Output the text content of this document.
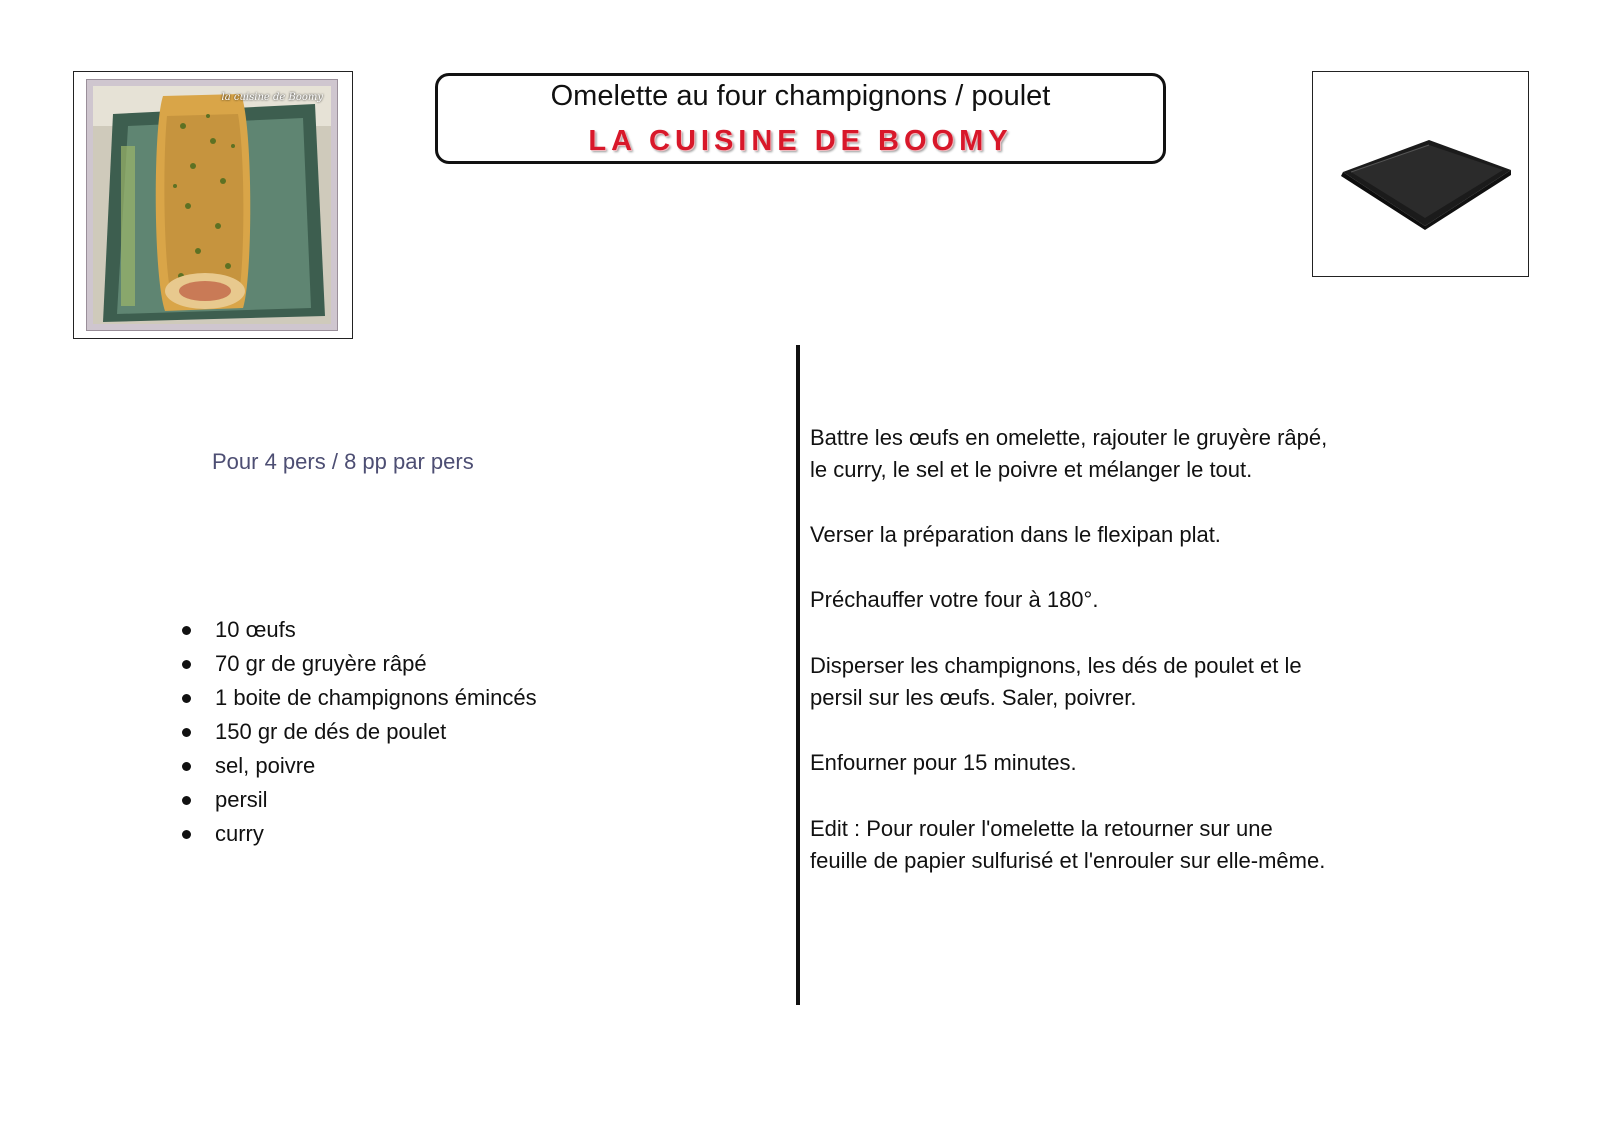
la cuisine de Boomy	Omelette au four champignons / poulet
LA CUISINE DE BOOMY
Pour 4 pers / 8 pp par pers
10 œufs
70 gr de gruyère râpé
1 boite de champignons émincés
150 gr de dés de poulet
sel, poivre
persil
curry
Battre les œufs en omelette, rajouter le gruyère râpé,
le curry, le sel et le poivre et mélanger le tout.
Verser la préparation dans le flexipan plat.
Préchauffer votre four à 180°.
Disperser les champignons, les dés de poulet et le
persil sur les œufs. Saler, poivrer.
Enfourner pour 15 minutes.
Edit : Pour rouler l'omelette la retourner sur une
feuille de papier sulfurisé et l'enrouler sur elle-même.
